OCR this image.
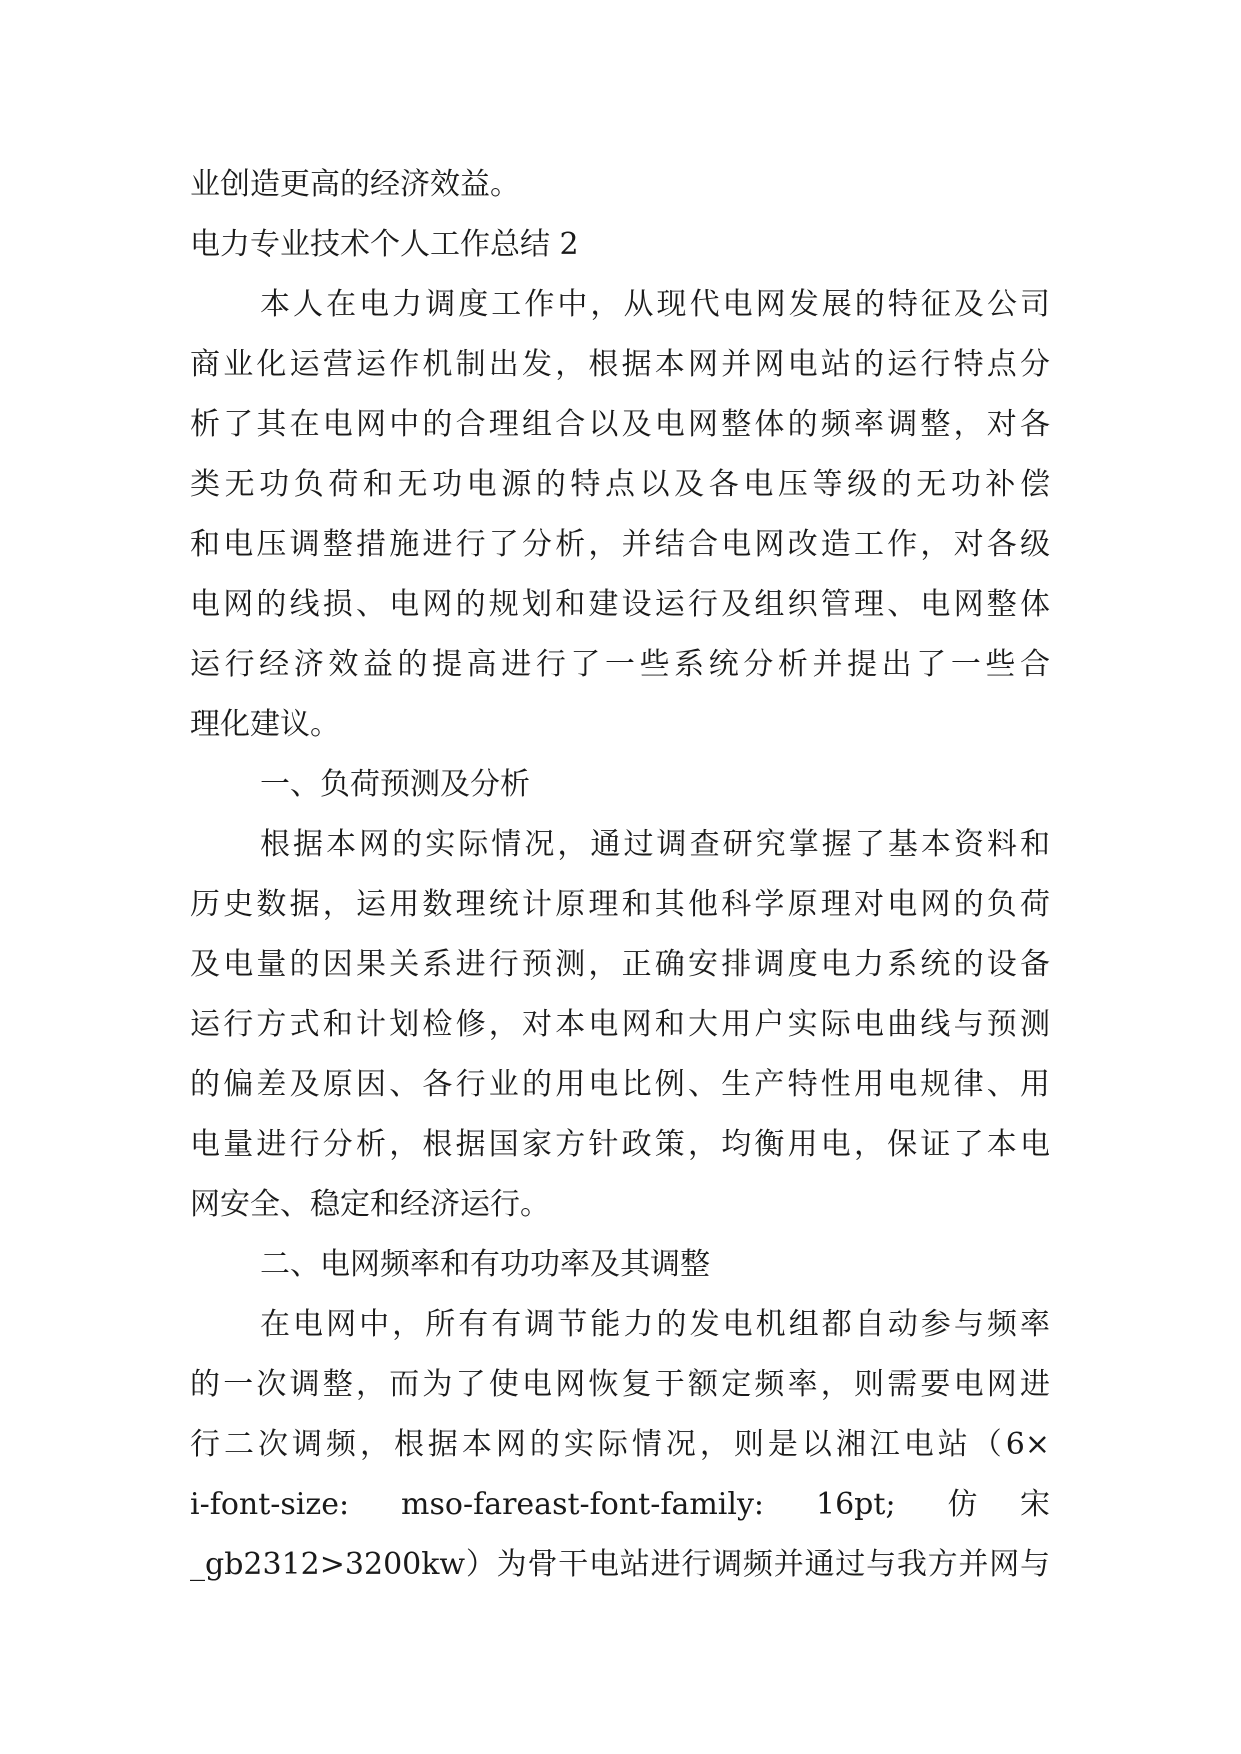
业创造更高的经济效益。
电力专业技术个人工作总结 2
本人在电力调度工作中，从现代电网发展的特征及公司
商业化运营运作机制出发，根据本网并网电站的运行特点分
析了其在电网中的合理组合以及电网整体的频率调整，对各
类无功负荷和无功电源的特点以及各电压等级的无功补偿
和电压调整措施进行了分析，并结合电网改造工作，对各级
电网的线损、电网的规划和建设运行及组织管理、电网整体
运行经济效益的提高进行了一些系统分析并提出了一些合
理化建议。
一、负荷预测及分析
根据本网的实际情况，通过调查研究掌握了基本资料和
历史数据，运用数理统计原理和其他科学原理对电网的负荷
及电量的因果关系进行预测，正确安排调度电力系统的设备
运行方式和计划检修，对本电网和大用户实际电曲线与预测
的偏差及原因、各行业的用电比例、生产特性用电规律、用
电量进行分析，根据国家方针政策，均衡用电，保证了本电
网安全、稳定和经济运行。
二、电网频率和有功功率及其调整
在电网中，所有有调节能力的发电机组都自动参与频率
的一次调整，而为了使电网恢复于额定频率，则需要电网进
行二次调频，根据本网的实际情况，则是以湘江电站（6×
i-font-size: mso-fareast-font-family: 16pt; 仿宋
_gb2312>3200kw）为骨干电站进行调频并通过与我方并网与
